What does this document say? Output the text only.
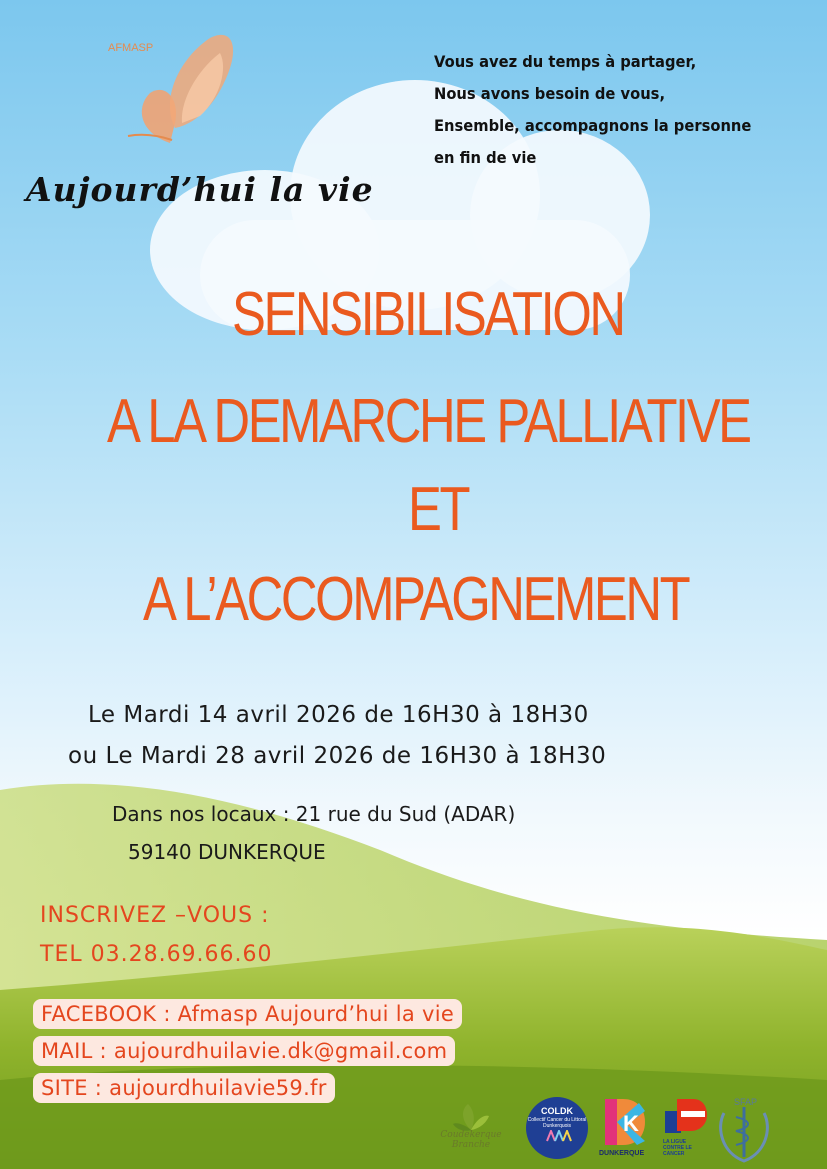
AFMASP
Aujourd’hui la vie
Vous avez du temps à partager,
Nous avons besoin de vous,
Ensemble, accompagnons la personne
en fin de vie
SENSIBILISATION
A LA DEMARCHE PALLIATIVE
ET
A L’ACCOMPAGNEMENT
Le Mardi 14 avril 2026 de 16H30 à 18H30
ou Le Mardi 28 avril 2026 de 16H30 à 18H30
Dans nos locaux : 21 rue du Sud (ADAR)
59140 DUNKERQUE
INSCRIVEZ –VOUS :
TEL 03.28.69.66.60
FACEBOOK : Afmasp Aujourd’hui la vie
MAIL : aujourdhuilavie.dk@gmail.com
SITE : aujourdhuilavie59.fr
Coudekerque Branche
COLDK
Collectif Cancer du Littoral Dunkerquois	K
DUNKERQUE
LA LIGUE CONTRE LE CANCER
SFAP
